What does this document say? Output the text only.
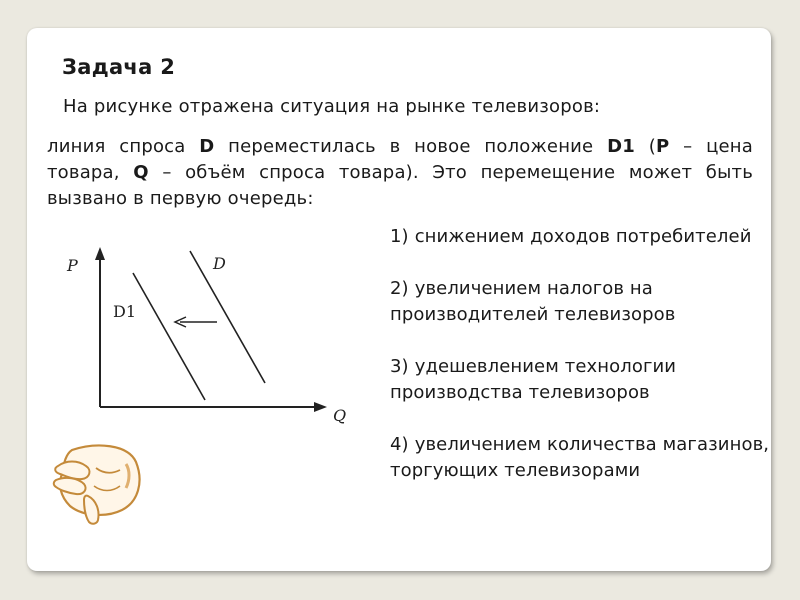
Задача 2
На рисунке отражена ситуация на рынке телевизоров:
линия спроса D переместилась в новое положение D1 (P – цена товара, Q – объём спроса товара). Это перемещение может быть вызвано в первую очередь:
1) снижением доходов потребителей
2) увеличением налогов на производителей телевизоров
3) удешевлением технологии производства телевизоров
4) увеличением количества магазинов, торгующих телевизорами
P
Q
D
D1
